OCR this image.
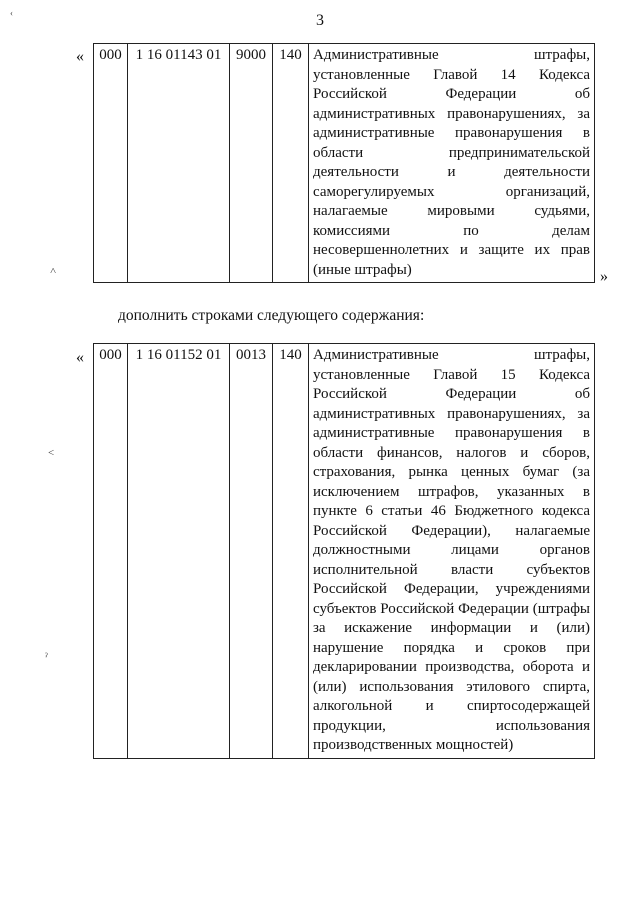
‹	3
« 000	1 16 01143 01	9000	140	Административные штрафы, установленные Главой 14 Кодекса Российской Федерации об административных правонарушениях, за административные правонарушения в области предпринимательской деятельности и деятельности саморегулируемых организаций, налагаемые мировыми судьями, комиссиями по делам несовершеннолетних и защите их прав (иные штрафы)	»
дополнить строками следующего содержания:
« 000	1 16 01152 01	0013	140	Административные штрафы, установленные Главой 15 Кодекса Российской Федерации об административных правонарушениях, за административные правонарушения в области финансов, налогов и сборов, страхования, рынка ценных бумаг (за исключением штрафов, указанных в пункте 6 статьи 46 Бюджетного кодекса Российской Федерации), налагаемые должностными лицами органов исполнительной власти субъектов Российской Федерации, учреждениями субъектов Российской Федерации (штрафы за искажение информации и (или) нарушение порядка и сроков при декларировании производства, оборота и (или) использования этилового спирта, алкогольной и спиртосодержащей продукции, использования производственных мощностей)
˄
˂
ˀ
